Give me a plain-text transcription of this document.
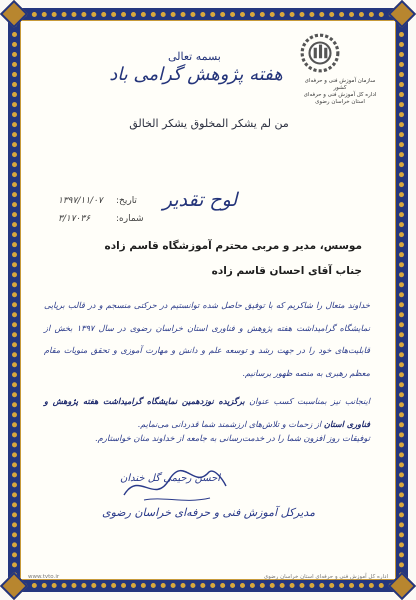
سازمان آموزش فنی و حرفه‌ای کشور
اداره کل آموزش فنی و حرفه‌ای استان خراسان رضوی
بسمه تعالی
هفته پژوهش گرامی باد
من لم یشکر المخلوق یشکر الخالق
لوح تقدیر
تاریخ:
۱۳۹۷/۱۱/۰۷
شماره:
۳/۱۷۰۳۶
موسس، مدیر و مربی محترم آموزشگاه قاسم زاده
جناب آقای احسان قاسم زاده

خداوند متعال را شاکریم که با توفیق حاصل شده توانستیم در حرکتی منسجم و در قالب برپایی نمایشگاه گرامیداشت هفته پژوهش و فناوری استان خراسان رضوی در سال ۱۳۹۷ بخش از قابلیت‌های خود را در جهت رشد و توسعه علم و دانش و مهارت آموزی و تحقق منویات مقام معظم رهبری به منصه ظهور برسانیم.

اینجانب نیز بمناسبت کسب عنوان برگزیده نوزدهمین نمایشگاه گرامیداشت هفته پژوهش و فناوری استان از زحمات و تلاش‌های ارزشمند شما قدردانی می‌نمایم.

توفیقات روز افزون شما را در خدمت‌رسانی به جامعه از خداوند منان خواستارم.
احسن رحیمی گل خندان
مدیرکل آموزش فنی و حرفه‌ای خراسان رضوی
www.tvto.ir	اداره کل آموزش فنی و حرفه‌ای استان خراسان رضوی
